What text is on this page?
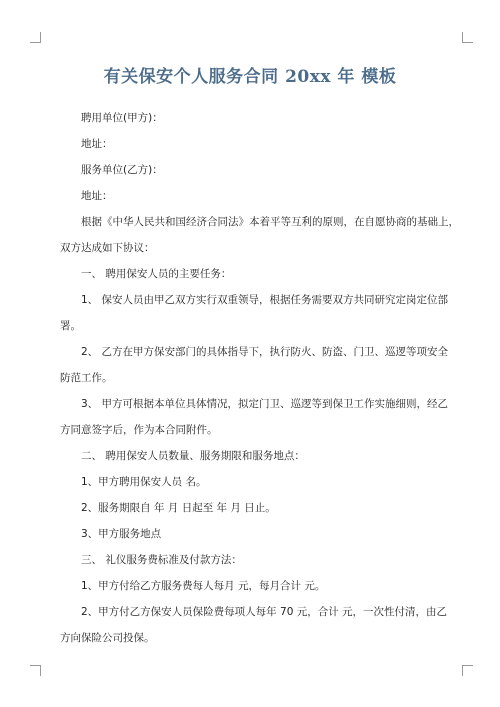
有关保安个人服务合同 20xx 年 模板
聘用单位(甲方)：
地址：
服务单位(乙方)：
地址：
根据《中华人民共和国经济合同法》本着平等互利的原则，在自愿协商的基础上，
双方达成如下协议：
一、 聘用保安人员的主要任务：
1、 保安人员由甲乙双方实行双重领导，根据任务需要双方共同研究定岗定位部
署。
2、 乙方在甲方保安部门的具体指导下，执行防火、防盗、门卫、巡逻等项安全
防范工作。
3、 甲方可根据本单位具体情况，拟定门卫、巡逻等到保卫工作实施细则，经乙
方同意签字后，作为本合同附件。
二、 聘用保安人员数量、服务期限和服务地点：
1、甲方聘用保安人员 名。
2、服务期限自 年 月 日起至 年 月 日止。
3、甲方服务地点
三、 礼仪服务费标准及付款方法：
1、甲方付给乙方服务费每人每月 元，每月合计 元。
2、甲方付乙方保安人员保险费每项人每年 70 元，合计 元，一次性付清，由乙
方向保险公司投保。
